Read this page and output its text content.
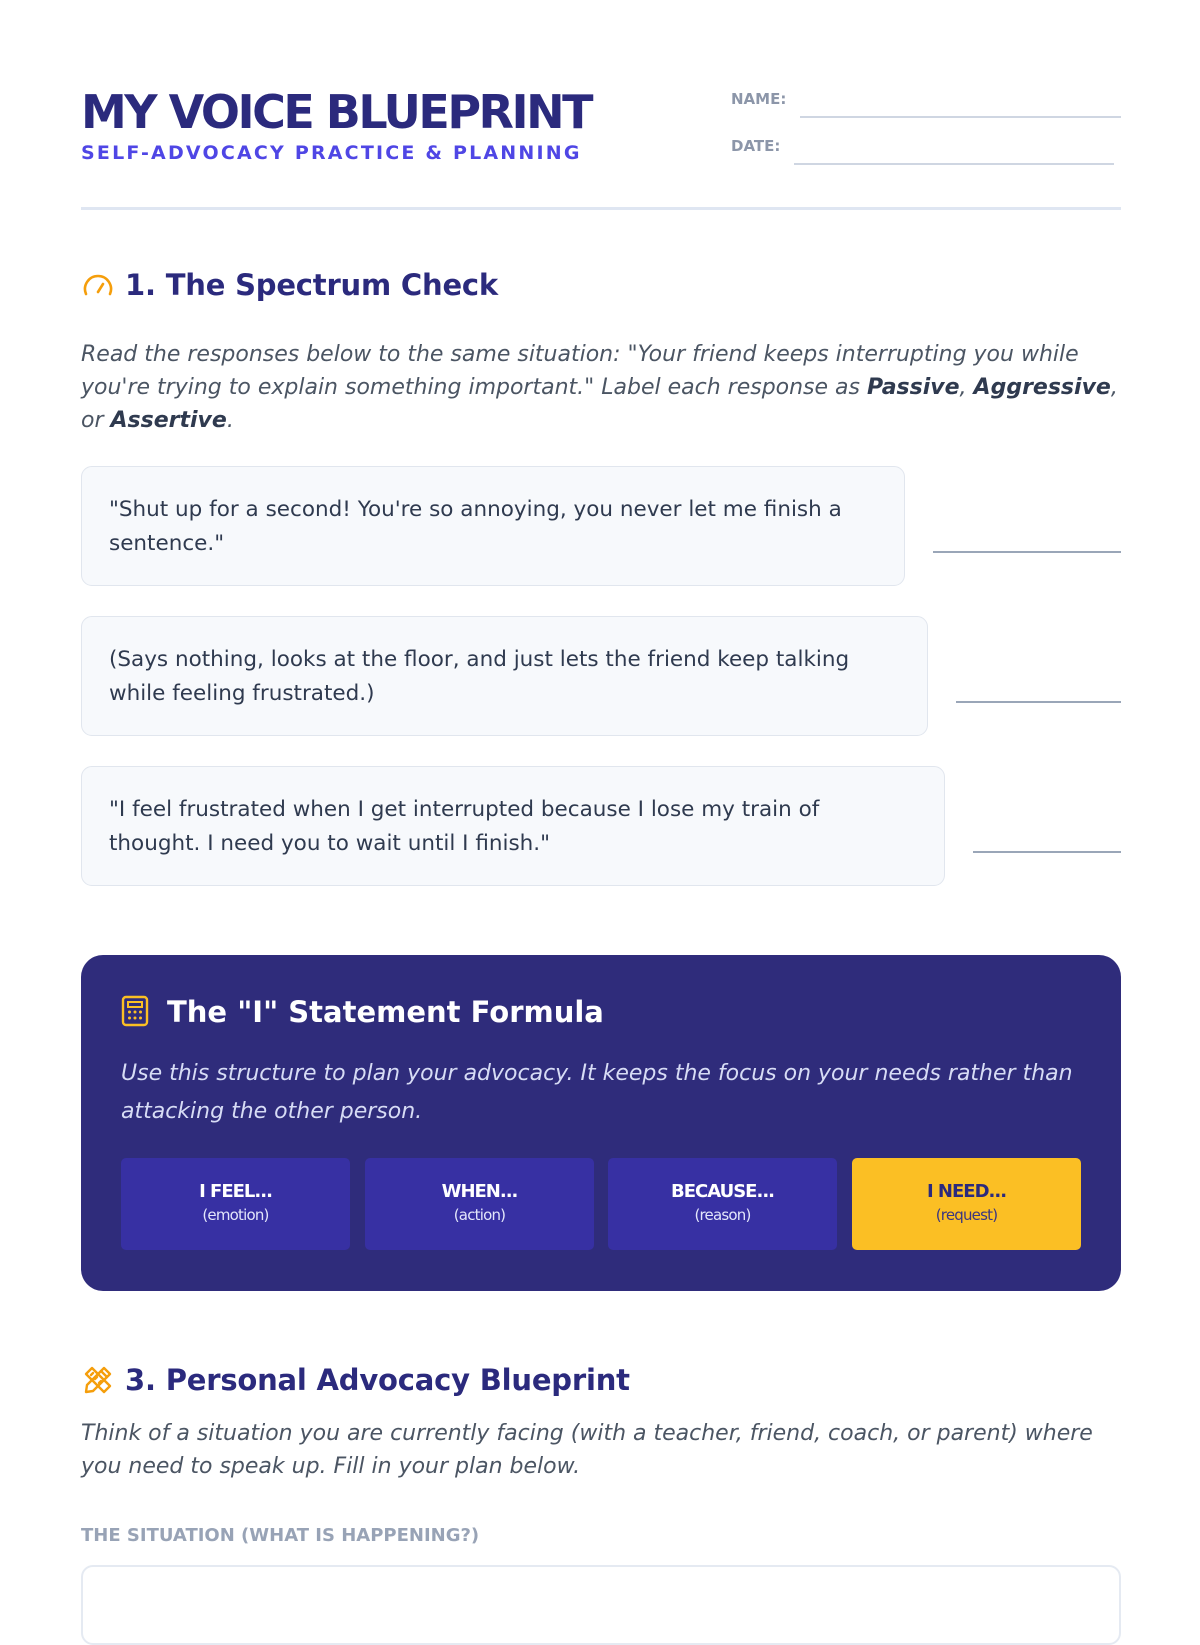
MY VOICE BLUEPRINT
SELF-ADVOCACY PRACTICE & PLANNING
NAME:
DATE:
1. The Spectrum Check

Read the responses below to the same situation: "Your friend keeps interrupting you while you're trying to explain something important." Label each response as Passive, Aggressive, or Assertive.

"Shut up for a second! You're so annoying, you never let me finish a sentence."
(Says nothing, looks at the floor, and just lets the friend keep talking while feeling frustrated.)
"I feel frustrated when I get interrupted because I lose my train of thought. I need you to wait until I finish."
The "I" Statement Formula

Use this structure to plan your advocacy. It keeps the focus on your needs rather than attacking the other person.

I FEEL...
(emotion)
WHEN...
(action)
BECAUSE...
(reason)
I NEED...
(request)
3. Personal Advocacy Blueprint

Think of a situation you are currently facing (with a teacher, friend, coach, or parent) where you need to speak up. Fill in your plan below.

THE SITUATION (WHAT IS HAPPENING?)
